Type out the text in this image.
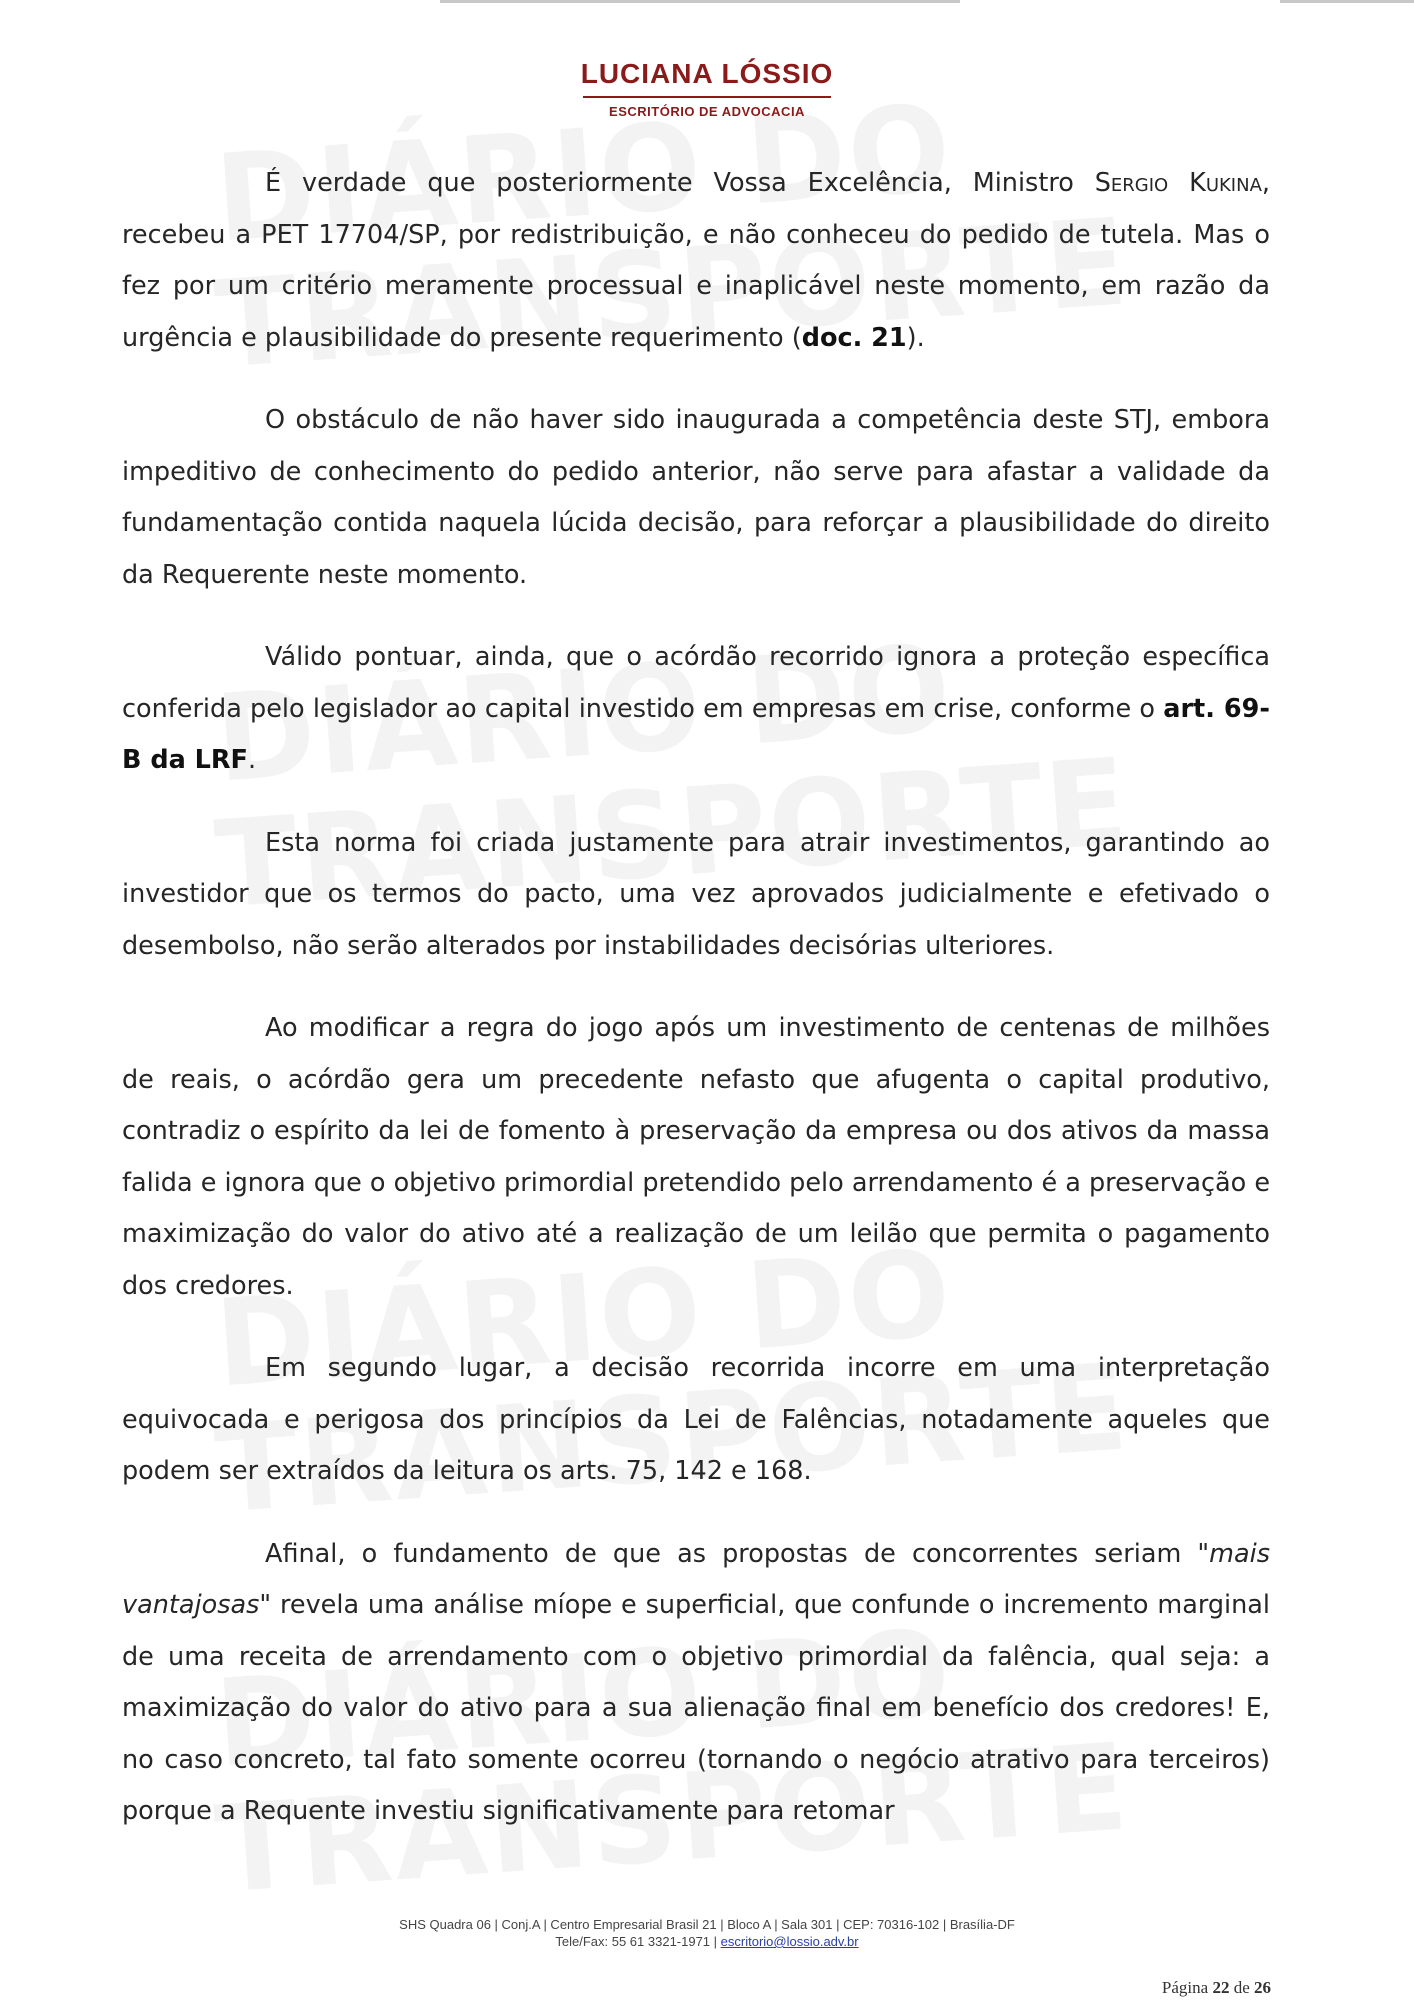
LUCIANA LÓSSIO
ESCRITÓRIO DE ADVOCACIA

É verdade que posteriormente Vossa Excelência, Ministro Sergio Kukina, recebeu a PET 17704/SP, por redistribuição, e não conheceu do pedido de tutela. Mas o fez por um critério meramente processual e inaplicável neste momento, em razão da urgência e plausibilidade do presente requerimento (doc. 21).

O obstáculo de não haver sido inaugurada a competência deste STJ, embora impeditivo de conhecimento do pedido anterior, não serve para afastar a validade da fundamentação contida naquela lúcida decisão, para reforçar a plausibilidade do direito da Requerente neste momento.

Válido pontuar, ainda, que o acórdão recorrido ignora a proteção específica conferida pelo legislador ao capital investido em empresas em crise, conforme o art. 69-B da LRF.

Esta norma foi criada justamente para atrair investimentos, garantindo ao investidor que os termos do pacto, uma vez aprovados judicialmente e efetivado o desembolso, não serão alterados por instabilidades decisórias ulteriores.

Ao modificar a regra do jogo após um investimento de centenas de milhões de reais, o acórdão gera um precedente nefasto que afugenta o capital produtivo, contradiz o espírito da lei de fomento à preservação da empresa ou dos ativos da massa falida e ignora que o objetivo primordial pretendido pelo arrendamento é a preservação e maximização do valor do ativo até a realização de um leilão que permita o pagamento dos credores.

Em segundo lugar, a decisão recorrida incorre em uma interpretação equivocada e perigosa dos princípios da Lei de Falências, notadamente aqueles que podem ser extraídos da leitura os arts. 75, 142 e 168.

Afinal, o fundamento de que as propostas de concorrentes seriam "mais vantajosas" revela uma análise míope e superficial, que confunde o incremento marginal de uma receita de arrendamento com o objetivo primordial da falência, qual seja: a maximização do valor do ativo para a sua alienação final em benefício dos credores! E, no caso concreto, tal fato somente ocorreu (tornando o negócio atrativo para terceiros) porque a Requente investiu significativamente para retomar

SHS Quadra 06 | Conj.A | Centro Empresarial Brasil 21 | Bloco A | Sala 301 | CEP: 70316-102 | Brasília-DF
Tele/Fax: 55 61 3321-1971 | escritorio@lossio.adv.br
Página 22 de 26
